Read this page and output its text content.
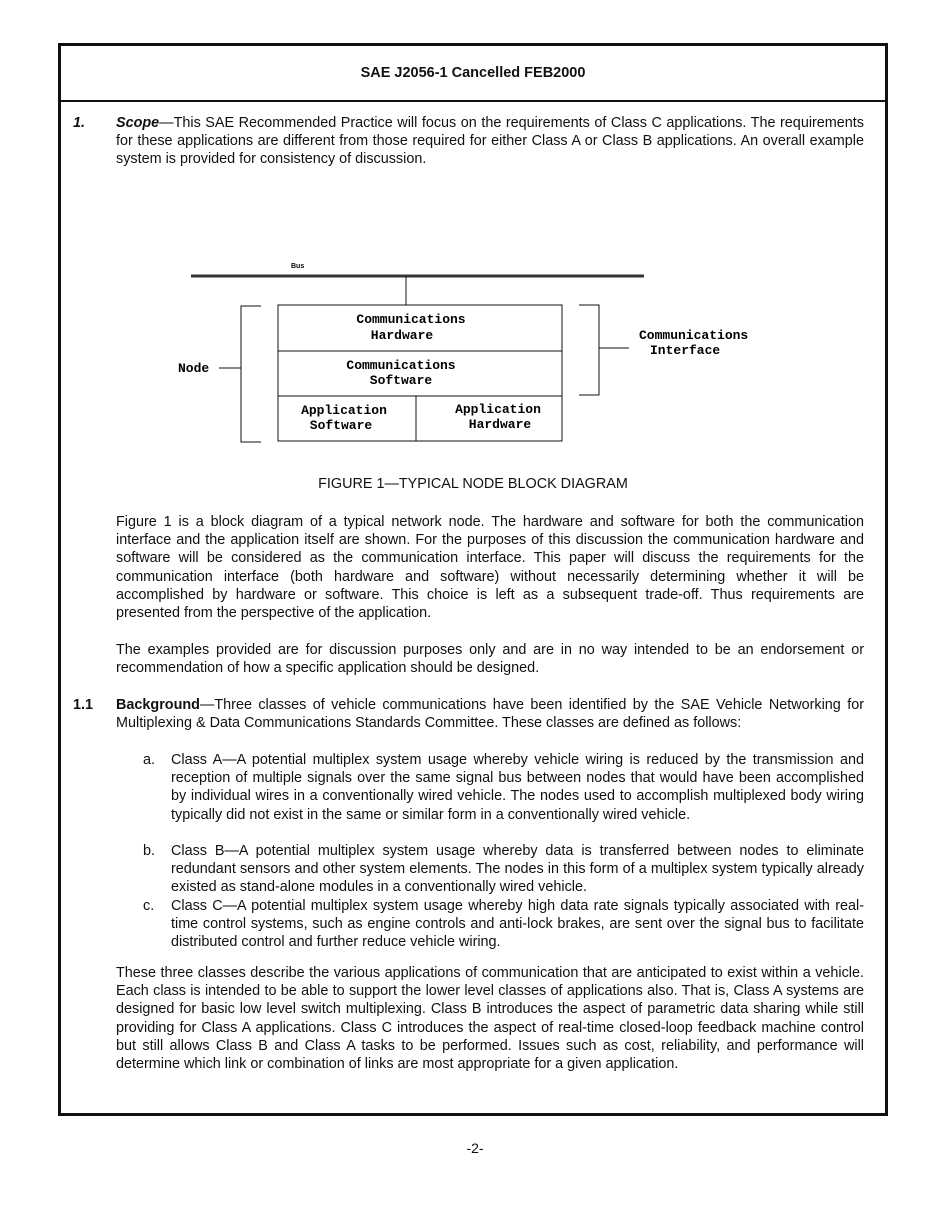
SAE J2056-1 Cancelled FEB2000
1. Scope—This SAE Recommended Practice will focus on the requirements of Class C applications. The requirements for these applications are different from those required for either Class A or Class B applications. An overall example system is provided for consistency of discussion.
Bus
Communications
Hardware
Communications
Software
Application
Software
Application
Hardware
Node
Communications
Interface
FIGURE 1—TYPICAL NODE BLOCK DIAGRAM
Figure 1 is a block diagram of a typical network node. The hardware and software for both the communication interface and the application itself are shown. For the purposes of this discussion the communication hardware and software will be considered as the communication interface. This paper will discuss the requirements for the communication interface (both hardware and software) without necessarily determining whether it will be accomplished by hardware or software. This choice is left as a subsequent trade-off. Thus requirements are presented from the perspective of the application.
The examples provided are for discussion purposes only and are in no way intended to be an endorsement or recommendation of how a specific application should be designed.
1.1 Background—Three classes of vehicle communications have been identified by the SAE Vehicle Networking for Multiplexing & Data Communications Standards Committee. These classes are defined as follows:
a. Class A—A potential multiplex system usage whereby vehicle wiring is reduced by the transmission and reception of multiple signals over the same signal bus between nodes that would have been accomplished by individual wires in a conventionally wired vehicle. The nodes used to accomplish multiplexed body wiring typically did not exist in the same or similar form in a conventionally wired vehicle.
b. Class B—A potential multiplex system usage whereby data is transferred between nodes to eliminate redundant sensors and other system elements. The nodes in this form of a multiplex system typically already existed as stand-alone modules in a conventionally wired vehicle.
c. Class C—A potential multiplex system usage whereby high data rate signals typically associated with real-time control systems, such as engine controls and anti-lock brakes, are sent over the signal bus to facilitate distributed control and further reduce vehicle wiring.
These three classes describe the various applications of communication that are anticipated to exist within a vehicle. Each class is intended to be able to support the lower level classes of applications also. That is, Class A systems are designed for basic low level switch multiplexing. Class B introduces the aspect of parametric data sharing while still providing for Class A applications. Class C introduces the aspect of real-time closed-loop feedback machine control but still allows Class B and Class A tasks to be performed. Issues such as cost, reliability, and performance will determine which link or combination of links are most appropriate for a given application.
-2-
